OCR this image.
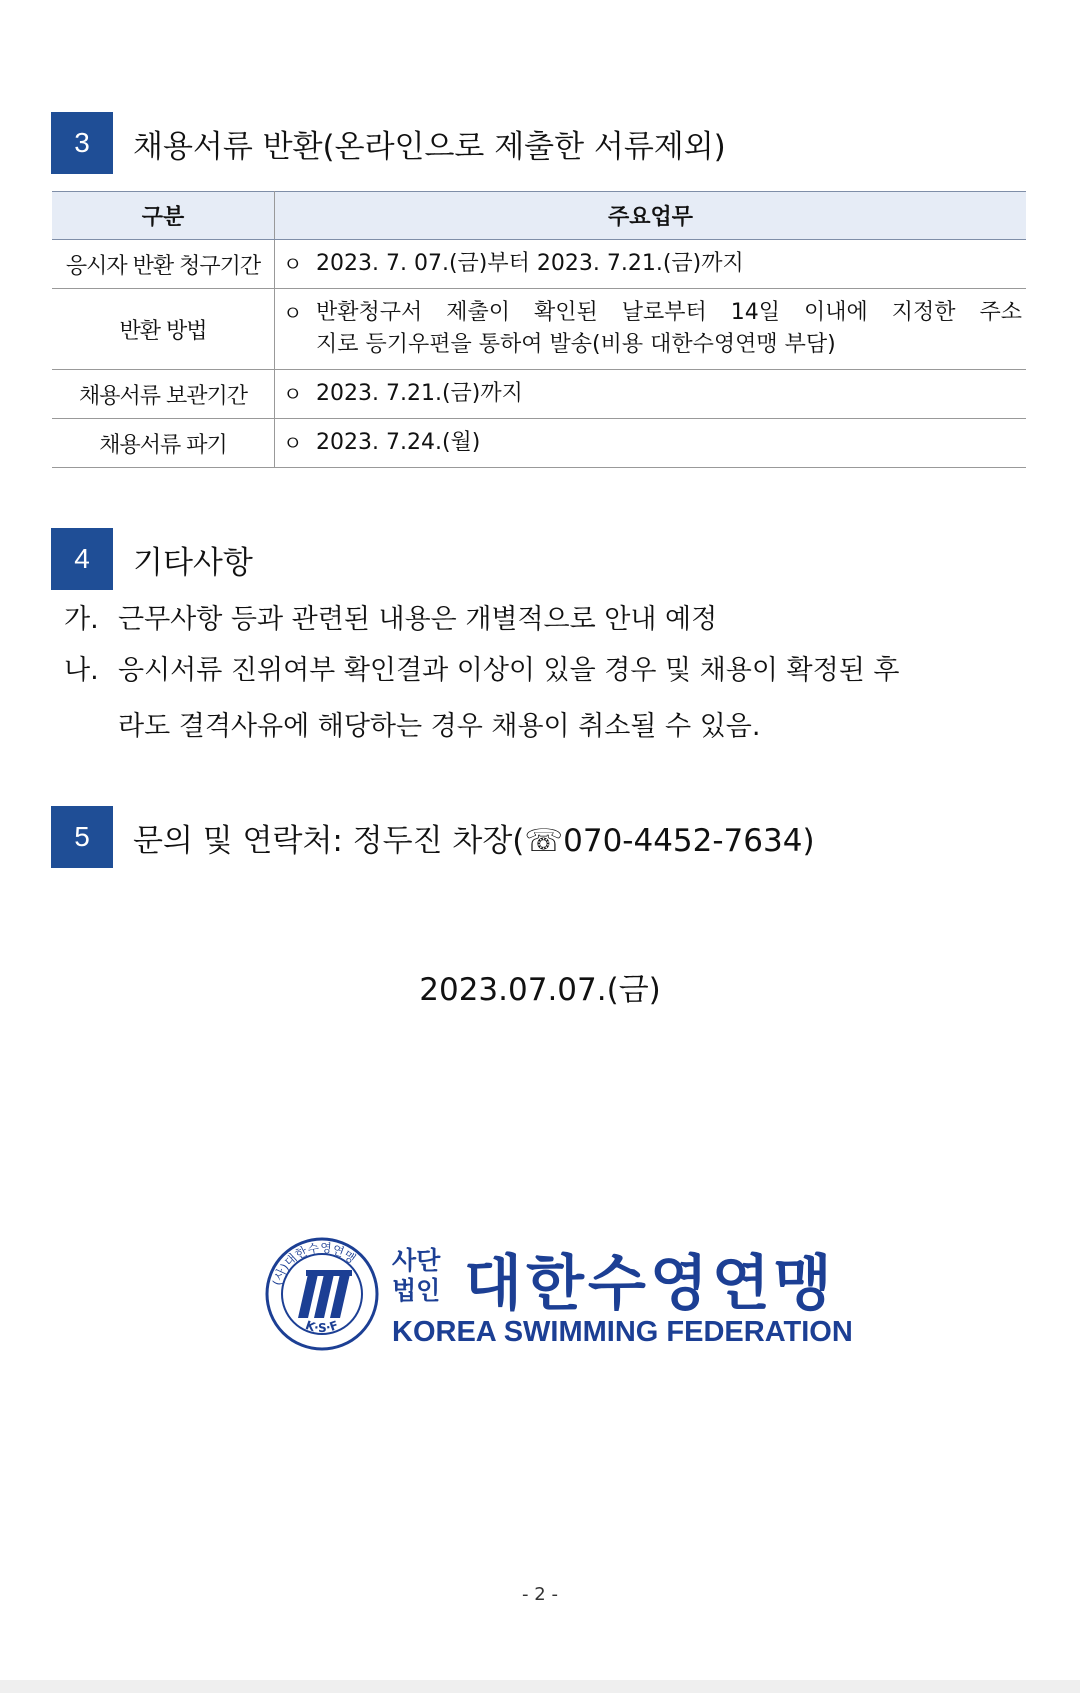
3	채용서류 반환(온라인으로 제출한 서류제외)
구분	주요업무
응시자 반환 청구기간	ㅇ 2023. 7. 07.(금)부터 2023. 7.21.(금)까지

반환 방법	ㅇ 반환청구서 제출이 확인된 날로부터 14일 이내에 지정한 주소
지로 등기우편을 통하여 발송(비용 대한수영연맹 부담)

채용서류 보관기간	ㅇ 2023. 7.21.(금)까지

채용서류 파기	ㅇ 2023. 7.24.(월)
4	기타사항
가. 근무사항 등과 관련된 내용은 개별적으로 안내 예정
나. 응시서류 진위여부 확인결과 이상이 있을 경우 및 채용이 확정된 후
라도 결격사유에 해당하는 경우 채용이 취소될 수 있음.
5	문의 및 연락처: 정두진 차장(☏070-4452-7634)
2023.07.07.(금)
(사)대한수영연맹
K·S·F
사단
법인 대한수영연맹
KOREA SWIMMING FEDERATION
- 2 -
